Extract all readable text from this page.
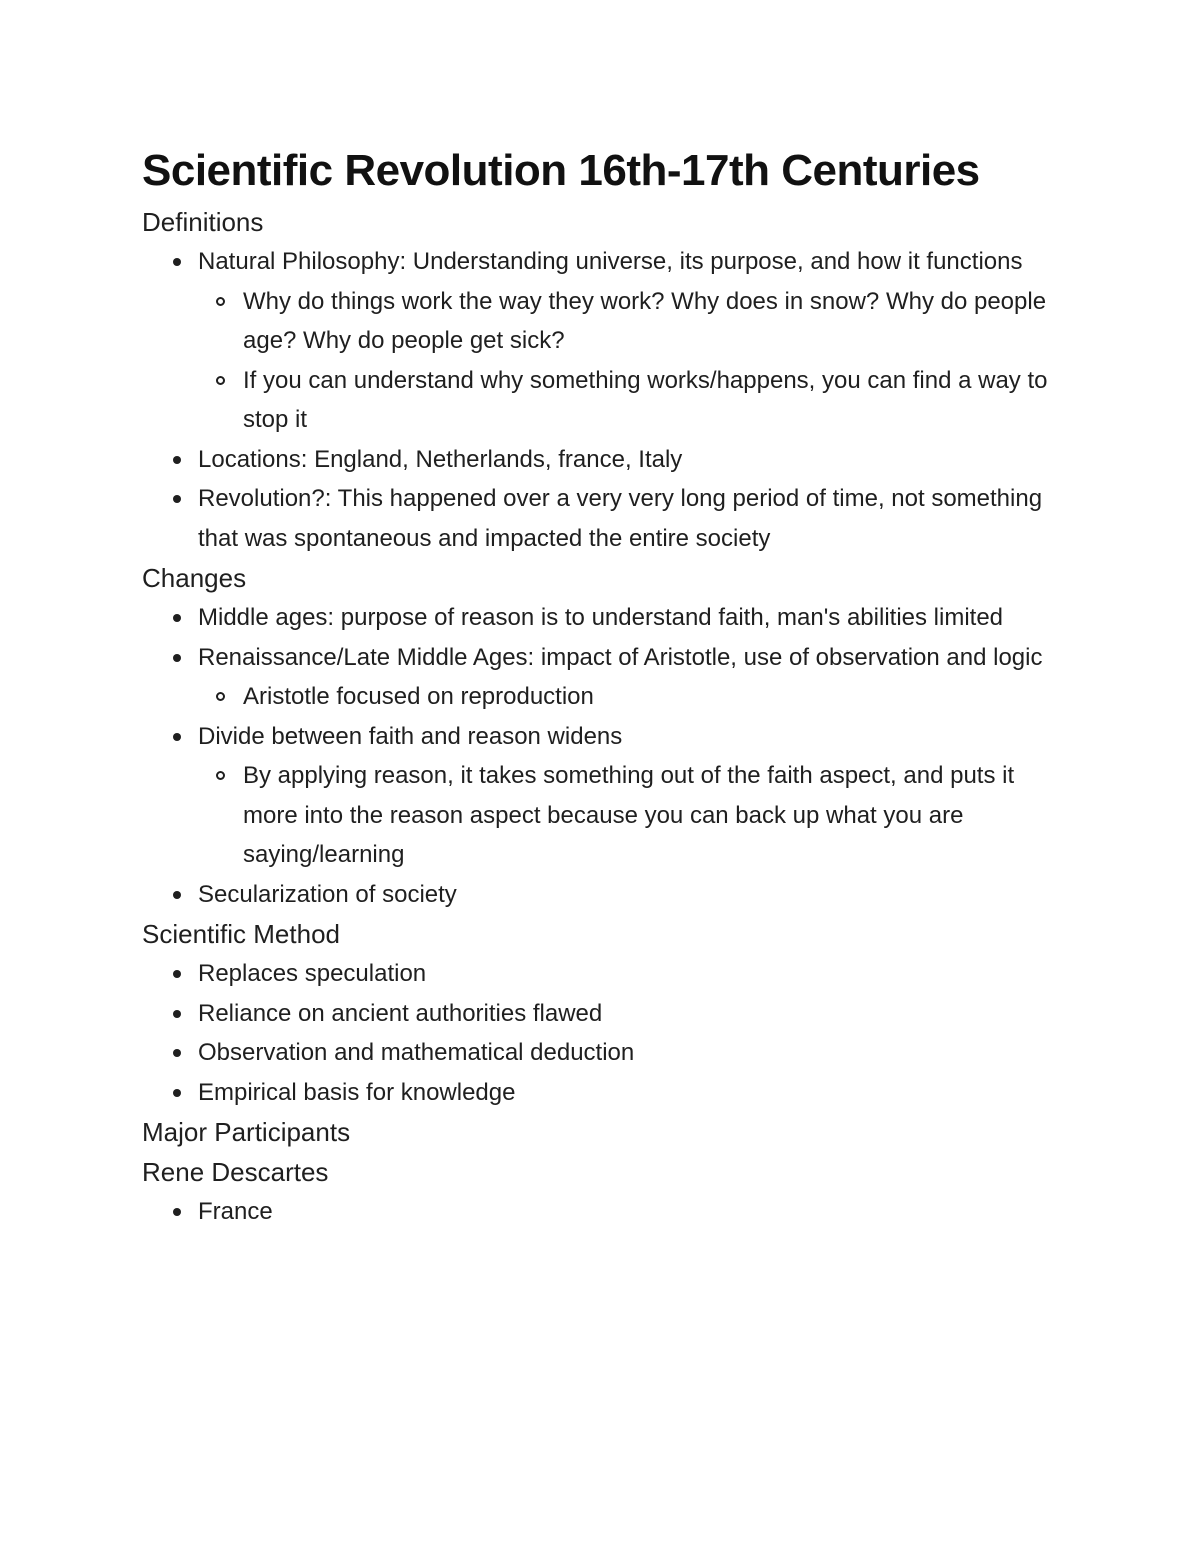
Scientific Revolution 16th-17th Centuries
Definitions
Natural Philosophy: Understanding universe, its purpose, and how it functions
Why do things work the way they work? Why does in snow? Why do people age? Why do people get sick?
If you can understand why something works/happens, you can find a way to stop it
Locations: England, Netherlands, france, Italy
Revolution?: This happened over a very very long period of time, not something that was spontaneous and impacted the entire society
Changes
Middle ages: purpose of reason is to understand faith, man's abilities limited
Renaissance/Late Middle Ages: impact of Aristotle, use of observation and logic
Aristotle focused on reproduction
Divide between faith and reason widens
By applying reason, it takes something out of the faith aspect, and puts it more into the reason aspect because you can back up what you are saying/learning
Secularization of society
Scientific Method
Replaces speculation
Reliance on ancient authorities flawed
Observation and mathematical deduction
Empirical basis for knowledge
Major Participants
Rene Descartes
France
